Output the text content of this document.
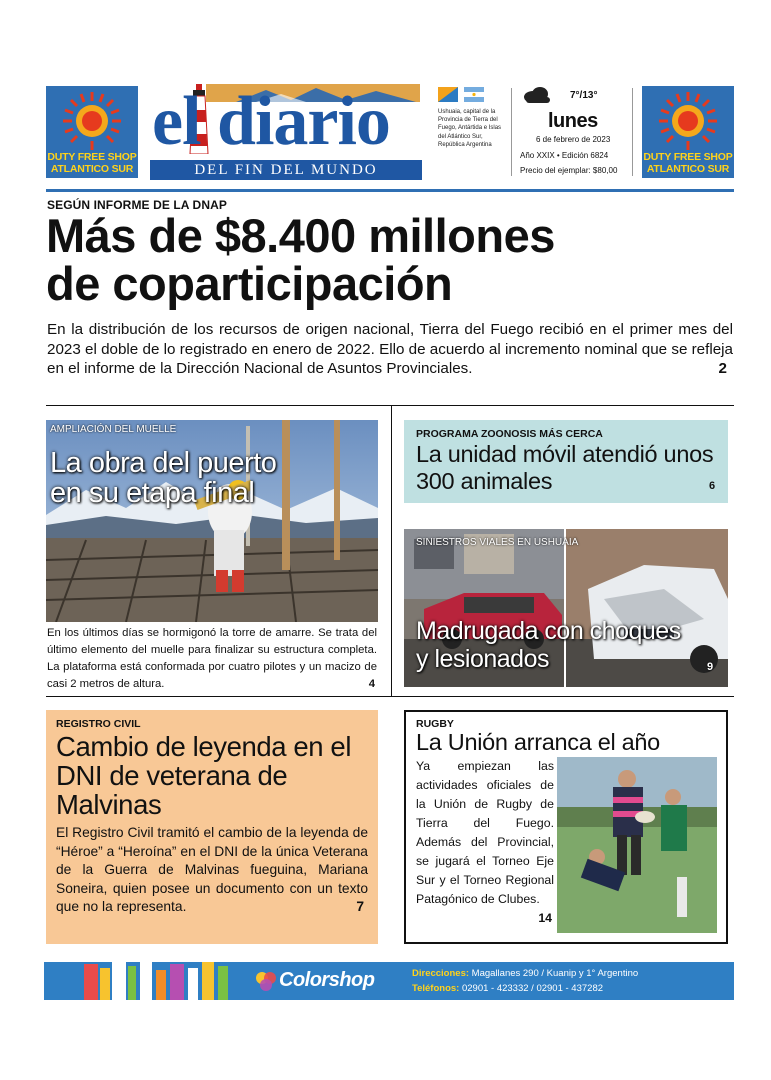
DUTY FREE SHOP
ATLANTICO SUR
el diario
DEL FIN DEL MUNDO
Ushuaia, capital de la Provincia de Tierra del Fuego, Antártida e Islas del Atlántico Sur, República Argentina
7°/13°
lunes
6 de febrero de 2023
Año XXIX • Edición 6824
Precio del ejemplar: $80,00
DUTY FREE SHOP
ATLANTICO SUR
SEGÚN INFORME DE LA DNAP
Más de $8.400 millones
de coparticipación
En la distribución de los recursos de origen nacional, Tierra del Fuego recibió en el primer mes del 2023 el doble de lo registrado en enero de 2022. Ello de acuerdo al incremento nominal que se refleja en el informe de la Dirección Nacional de Asuntos Provinciales.	2
AMPLIACIÓN DEL MUELLE
La obra del puerto
en su etapa final
En los últimos días se hormigonó la torre de amarre. Se trata del último elemento del muelle para finalizar su estructura completa. La plataforma está conformada por cuatro pilotes y un macizo de casi 2 metros de altura.	4
PROGRAMA ZOONOSIS MÁS CERCA
La unidad móvil atendió unos 300 animales	6
SINIESTROS VIALES EN USHUAIA
Madrugada con choques
y lesionados	9
REGISTRO CIVIL
Cambio de leyenda en el DNI de veterana de Malvinas
El Registro Civil tramitó el cambio de la leyenda de “Héroe” a “Heroína” en el DNI de la única Veterana de la Guerra de Malvinas fueguina, Mariana Soneira, quien posee un documento con un texto que no la representa.	7
RUGBY
La Unión arranca el año
Ya empiezan las actividades oficiales de la Unión de Rugby de Tierra del Fuego. Además del Provincial, se jugará el Torneo Eje Sur y el Torneo Regional Patagónico de Clubes.
14
Colorshop	Direcciones: Magallanes 290 / Kuanip y 1° Argentino
Teléfonos: 02901 - 423332 / 02901 - 437282
